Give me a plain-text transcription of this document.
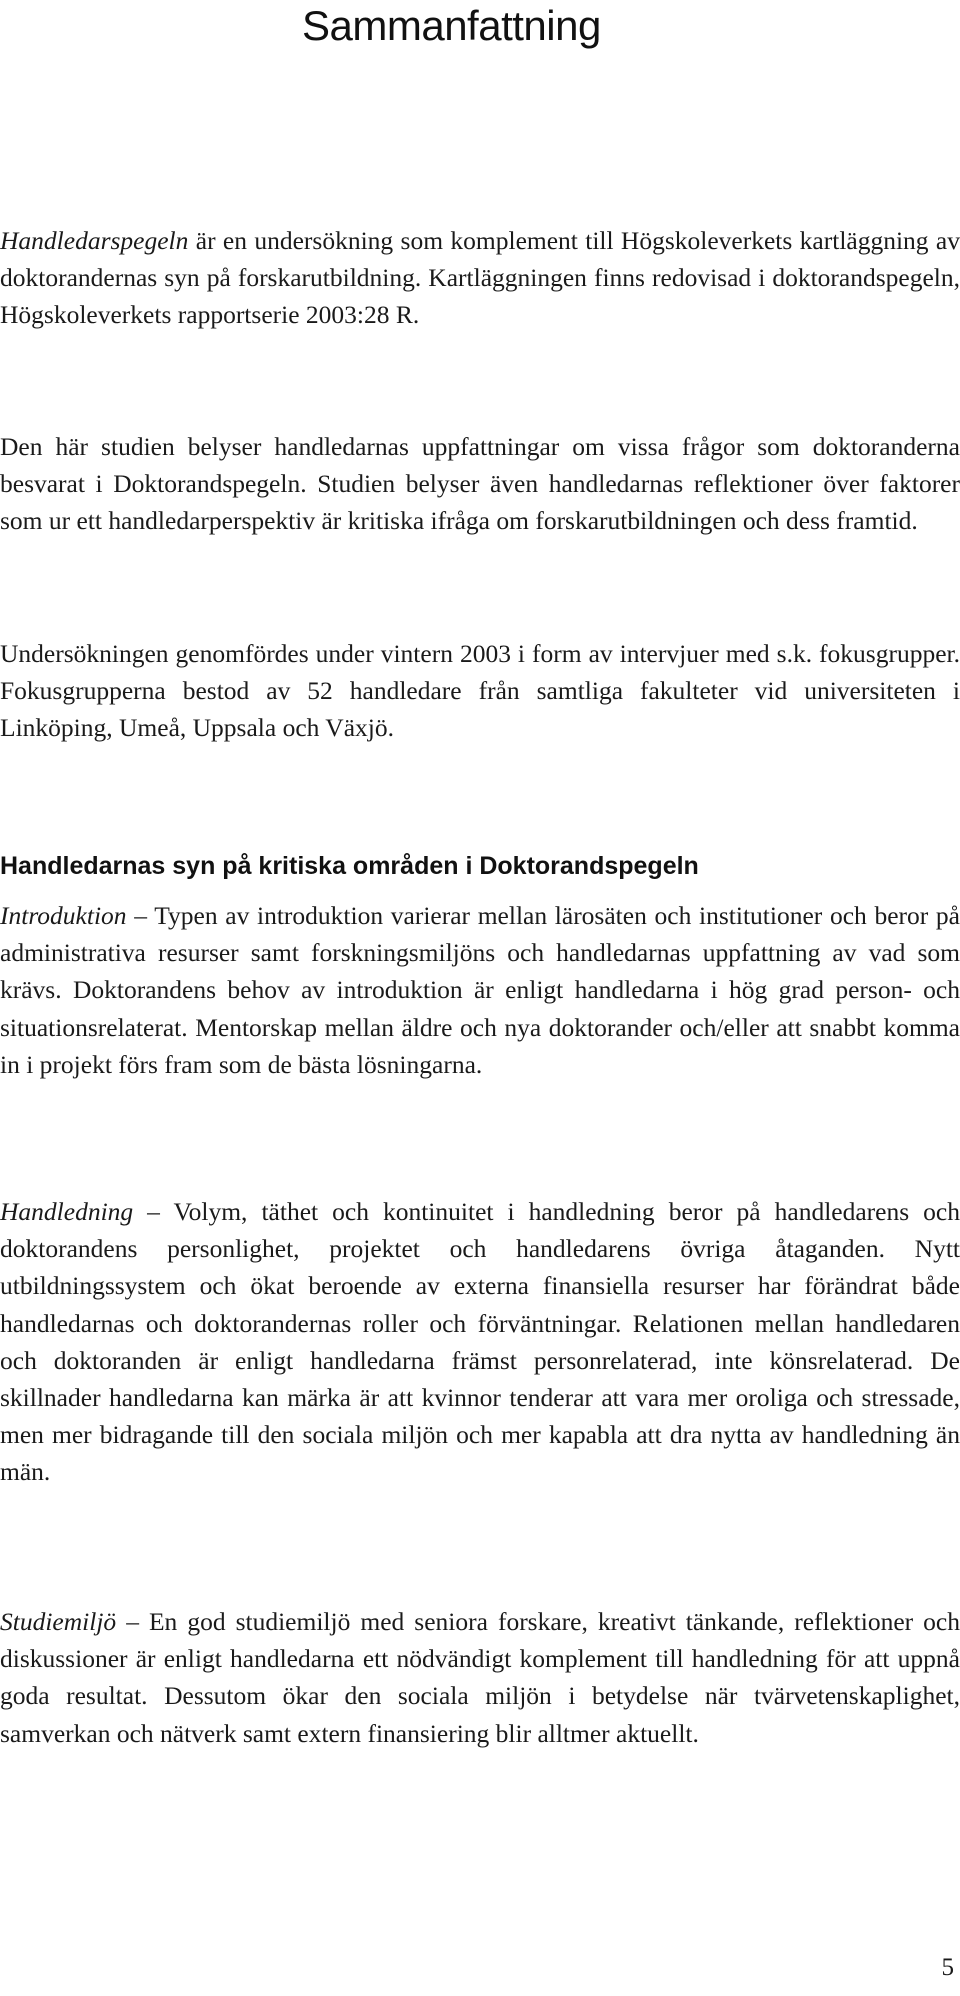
Sammanfattning

Handledarspegeln är en undersökning som komplement till Högskoleverkets kartläggning av doktorandernas syn på forskarutbildning. Kartläggningen finns redovisad i doktorandspegeln, Högskoleverkets rapportserie 2003:28 R.

Den här studien belyser handledarnas uppfattningar om vissa frågor som doktoranderna besvarat i Doktorandspegeln. Studien belyser även handledarnas reflektioner över faktorer som ur ett handledarperspektiv är kritiska ifråga om forskarutbildningen och dess framtid.

Undersökningen genomfördes under vintern 2003 i form av intervjuer med s.k. fokusgrupper. Fokusgrupperna bestod av 52 handledare från samtliga fakulteter vid universiteten i Linköping, Umeå, Uppsala och Växjö.

Handledarnas syn på kritiska områden i Doktorandspegeln

Introduktion – Typen av introduktion varierar mellan lärosäten och institutioner och beror på administrativa resurser samt forskningsmiljöns och handledarnas uppfattning av vad som krävs. Doktorandens behov av introduktion är enligt handledarna i hög grad person- och situationsrelaterat. Mentorskap mellan äldre och nya doktorander och/eller att snabbt komma in i projekt förs fram som de bästa lösningarna.

Handledning – Volym, täthet och kontinuitet i handledning beror på handledarens och doktorandens personlighet, projektet och handledarens övriga åtaganden. Nytt utbildningssystem och ökat beroende av externa finansiella resurser har förändrat både handledarnas och doktorandernas roller och förväntningar. Relationen mellan handledaren och doktoranden är enligt handledarna främst personrelaterad, inte könsrelaterad. De skillnader handledarna kan märka är att kvinnor tenderar att vara mer oroliga och stressade, men mer bidragande till den sociala miljön och mer kapabla att dra nytta av handledning än män.

Studiemiljö – En god studiemiljö med seniora forskare, kreativt tänkande, reflektioner och diskussioner är enligt handledarna ett nödvändigt komplement till handledning för att uppnå goda resultat. Dessutom ökar den sociala miljön i betydelse när tvärvetenskaplighet, samverkan och nätverk samt extern finansiering blir alltmer aktuellt.

5
